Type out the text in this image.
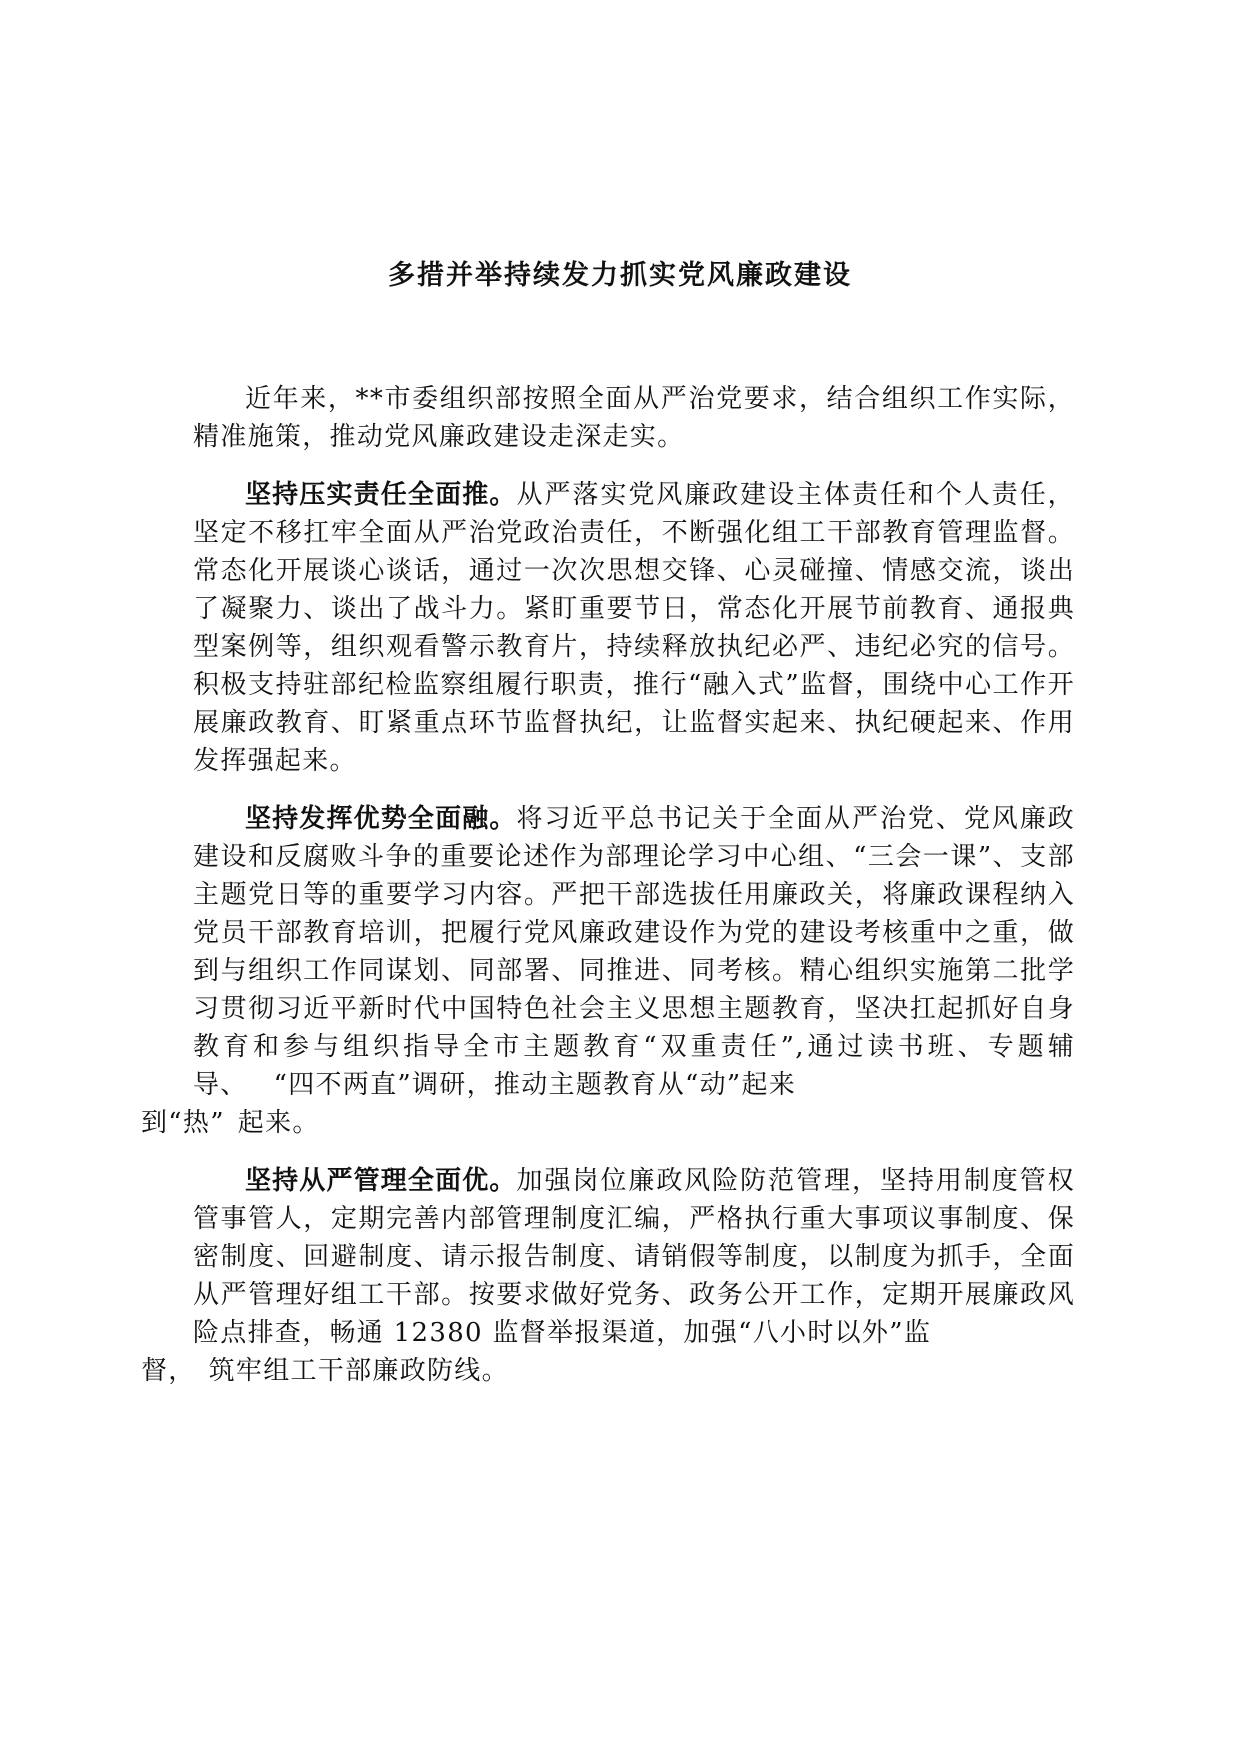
多措并举持续发力抓实党风廉政建设

近年来，**市委组织部按照全面从严治党要求，结合组织工作实际，精准施策，推动党风廉政建设走深走实。

坚持压实责任全面推。从严落实党风廉政建设主体责任和个人责任，坚定不移扛牢全面从严治党政治责任，不断强化组工干部教育管理监督。常态化开展谈心谈话，通过一次次思想交锋、心灵碰撞、情感交流，谈出了凝聚力、谈出了战斗力。紧盯重要节日，常态化开展节前教育、通报典型案例等，组织观看警示教育片，持续释放执纪必严、违纪必究的信号。积极支持驻部纪检监察组履行职责，推行“融入式”监督，围绕中心工作开展廉政教育、盯紧重点环节监督执纪，让监督实起来、执纪硬起来、作用发挥强起来。

坚持发挥优势全面融。将习近平总书记关于全面从严治党、党风廉政建设和反腐败斗争的重要论述作为部理论学习中心组、“三会一课”、支部主题党日等的重要学习内容。严把干部选拔任用廉政关，将廉政课程纳入党员干部教育培训，把履行党风廉政建设作为党的建设考核重中之重，做到与组织工作同谋划、同部署、同推进、同考核。精心组织实施第二批学习贯彻习近平新时代中国特色社会主义思想主题教育，坚决扛起抓好自身教育和参与组织指导全市主题教育“双重责任”,通过读书班、专题辅导、 “四不两直”调研，推动主题教育从“动”起来
到“热” 起来。

坚持从严管理全面优。加强岗位廉政风险防范管理，坚持用制度管权管事管人，定期完善内部管理制度汇编，严格执行重大事项议事制度、保密制度、回避制度、请示报告制度、请销假等制度，以制度为抓手，全面从严管理好组工干部。按要求做好党务、政务公开工作，定期开展廉政风险点排查，畅通 12380 监督举报渠道，加强“八小时以外”监
督， 筑牢组工干部廉政防线。
